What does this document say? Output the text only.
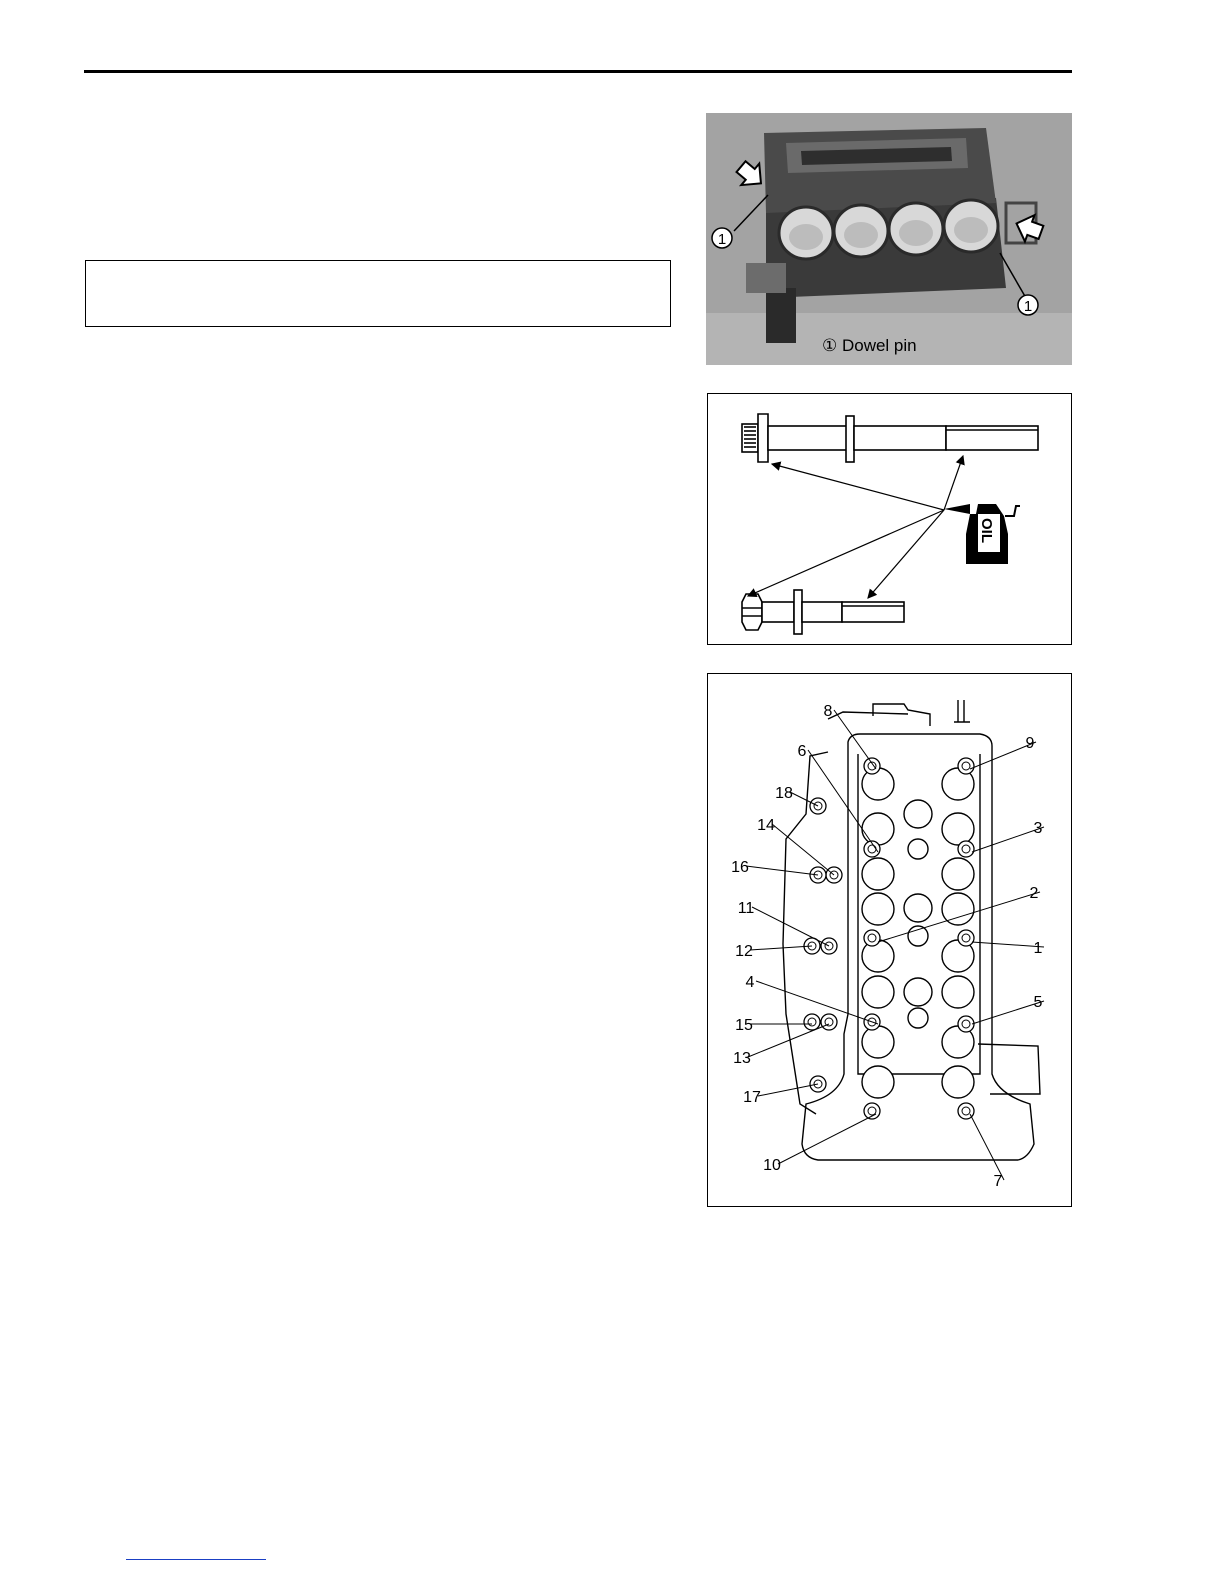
1
1
① Dowel pin
OIL
1
2
3
4
5
6
7
8
9
10
11
12
13
14
15
16
17
18
